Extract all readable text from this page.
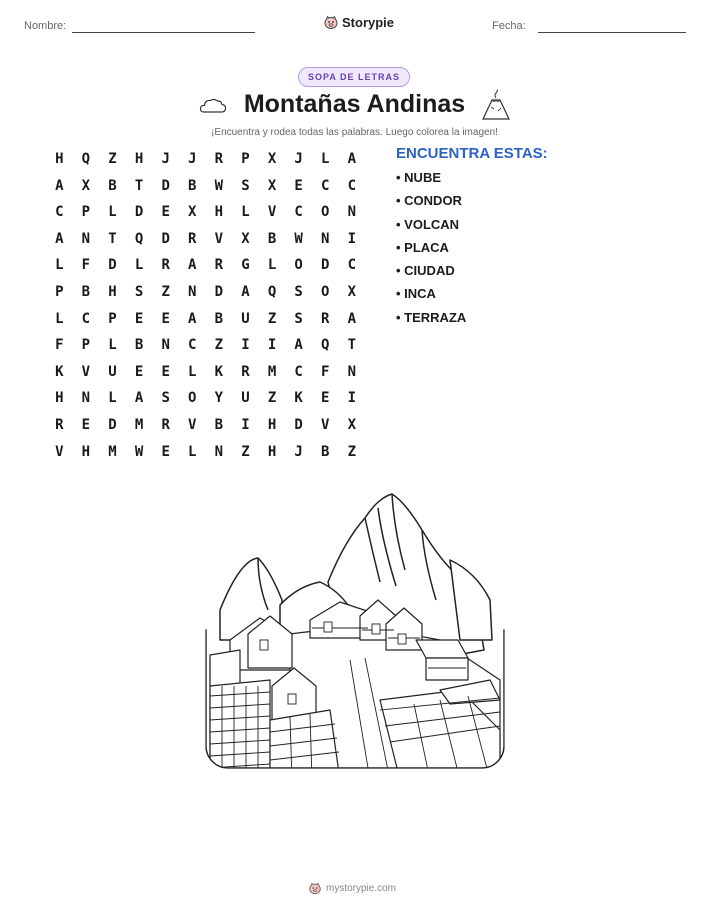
Nombre:	Storypie	Fecha:
SOPA DE LETRAS
Montañas Andinas
¡Encuentra y rodea todas las palabras. Luego colorea la imagen!
H	Q	Z	H	J	J	R	P	X	J	L	A
A	X	B	T	D	B	W	S	X	E	C	C
C	P	L	D	E	X	H	L	V	C	O	N
A	N	T	Q	D	R	V	X	B	W	N	I
L	F	D	L	R	A	R	G	L	O	D	C
P	B	H	S	Z	N	D	A	Q	S	O	X
L	C	P	E	E	A	B	U	Z	S	R	A
F	P	L	B	N	C	Z	I	I	A	Q	T
K	V	U	E	E	L	K	R	M	C	F	N
H	N	L	A	S	O	Y	U	Z	K	E	I
R	E	D	M	R	V	B	I	H	D	V	X
V	H	M	W	E	L	N	Z	H	J	B	Z
ENCUENTRA ESTAS:
• NUBE
• CONDOR
• VOLCAN
• PLACA
• CIUDAD
• INCA
• TERRAZA
mystorypie.com
